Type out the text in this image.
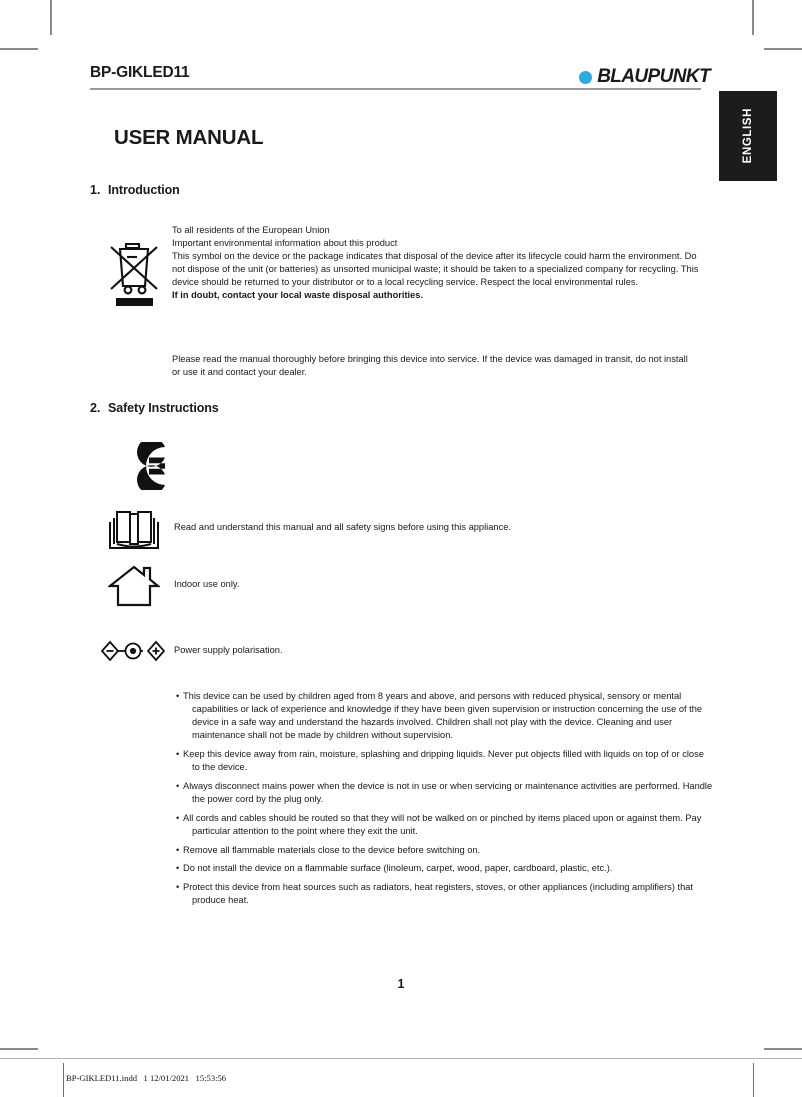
BP-GIKLED11	BLAUPUNKT
ENGLISH
USER MANUAL
1. Introduction
To all residents of the European Union
Important environmental information about this product
This symbol on the device or the package indicates that disposal of the device after its lifecycle could harm the environment. Do not dispose of the unit (or batteries) as unsorted municipal waste; it should be taken to a specialized company for recycling. This device should be returned to your distributor or to a local recycling service. Respect the local environmental rules.
If in doubt, contact your local waste disposal authorities.
Please read the manual thoroughly before bringing this device into service. If the device was damaged in transit, do not install or use it and contact your dealer.
2. Safety Instructions
Read and understand this manual and all safety signs before using this appliance.
Indoor use only.
Power supply polarisation.
• This device can be used by children aged from 8 years and above, and persons with reduced physical, sensory or mental capabilities or lack of experience and knowledge if they have been given supervision or instruction concerning the use of the device in a safe way and understand the hazards involved. Children shall not play with the device. Cleaning and user maintenance shall not be made by children without supervision.
• Keep this device away from rain, moisture, splashing and dripping liquids. Never put objects filled with liquids on top of or close to the device.
• Always disconnect mains power when the device is not in use or when servicing or maintenance activities are performed. Handle the power cord by the plug only.
• All cords and cables should be routed so that they will not be walked on or pinched by items placed upon or against them. Pay particular attention to the point where they exit the unit.
• Remove all flammable materials close to the device before switching on.
• Do not install the device on a flammable surface (linoleum, carpet, wood, paper, cardboard, plastic, etc.).
• Protect this device from heat sources such as radiators, heat registers, stoves, or other appliances (including amplifiers) that produce heat.
1
BP-GIKLED11.indd   1 12/01/2021   15:53:56
